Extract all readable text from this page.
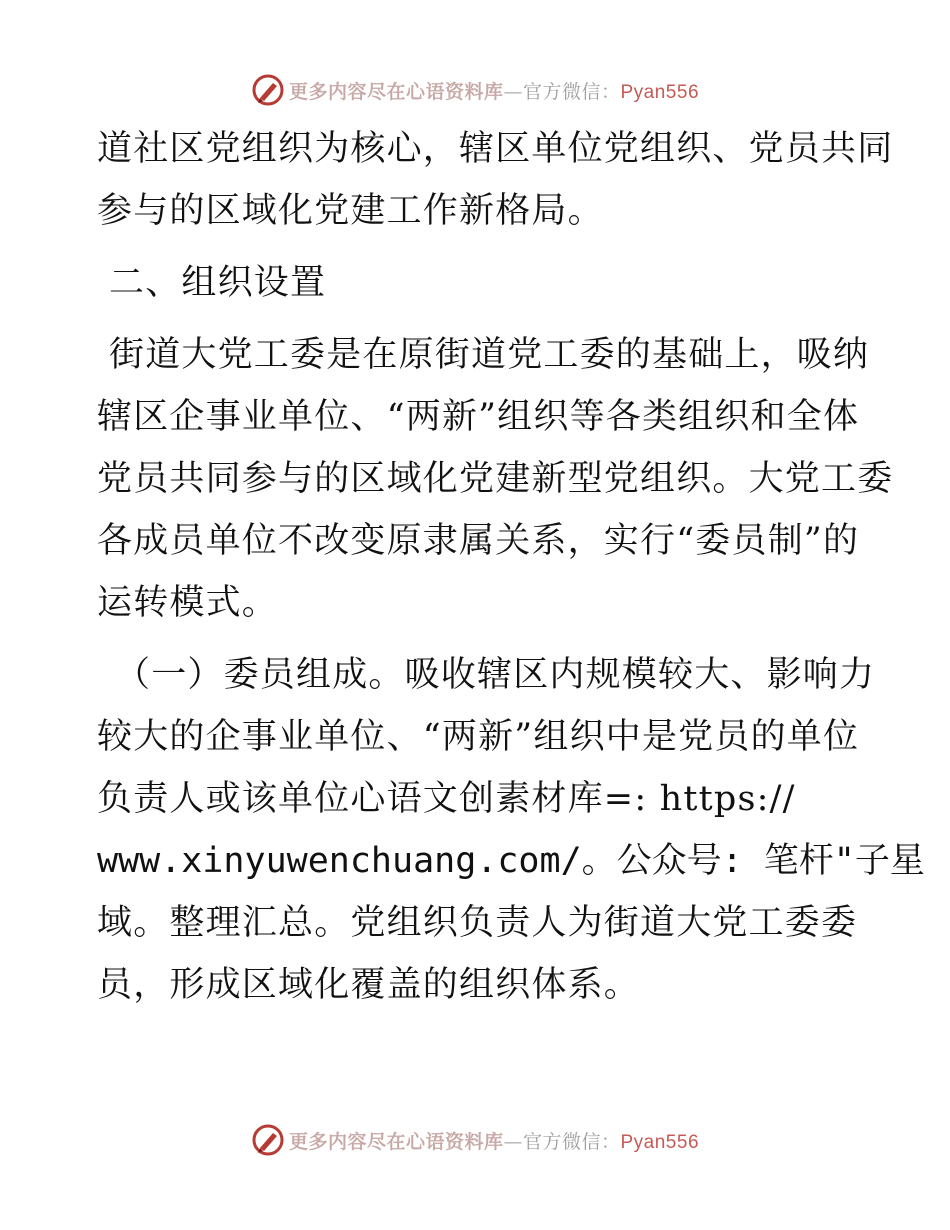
更多内容尽在心语资料库—官方微信：Pyan556
道社区党组织为核心，辖区单位党组织、党员共同
参与的区域化党建工作新格局。
二、组织设置
街道大党工委是在原街道党工委的基础上，吸纳
辖区企事业单位、“两新”组织等各类组织和全体
党员共同参与的区域化党建新型党组织。大党工委
各成员单位不改变原隶属关系，实行“委员制”的
运转模式。
（一）委员组成。吸收辖区内规模较大、影响力
较大的企事业单位、“两新”组织中是党员的单位
负责人或该单位心语文创素材库=: https://
www.xinyuwenchuang.com/。公众号: 笔杆"子星
域。整理汇总。党组织负责人为街道大党工委委
员，形成区域化覆盖的组织体系。
更多内容尽在心语资料库—官方微信：Pyan556
